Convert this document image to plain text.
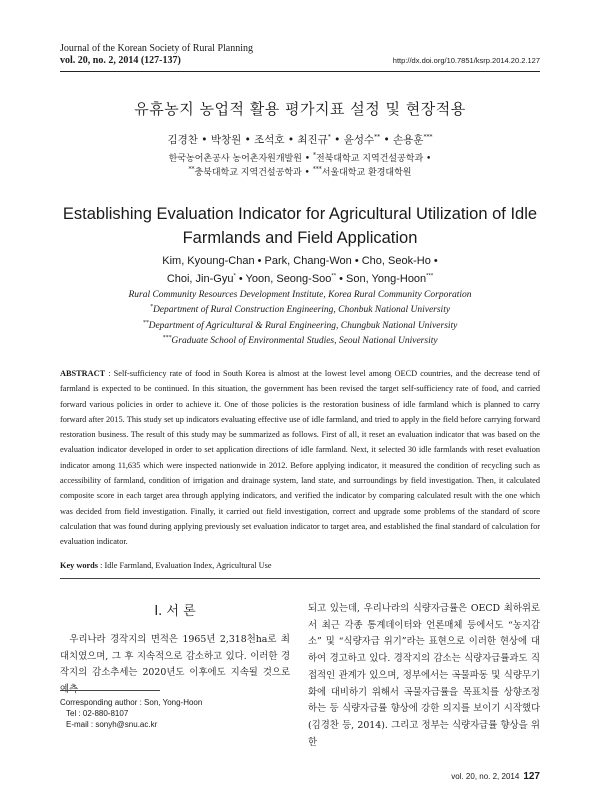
Journal of the Korean Society of Rural Planning
vol. 20, no. 2, 2014 (127-137)	http://dx.doi.org/10.7851/ksrp.2014.20.2.127
유휴농지 농업적 활용 평가지표 설정 및 현장적용
김경찬 • 박창원 • 조석호 • 최진규* • 윤성수** • 손용훈***
한국농어촌공사 농어촌자원개발원 • *전북대학교 지역건설공학과 •
**충북대학교 지역건설공학과 • ***서울대학교 환경대학원
Establishing Evaluation Indicator for Agricultural Utilization of Idle
Farmlands and Field Application
Kim, Kyoung-Chan • Park, Chang-Won • Cho, Seok-Ho •
Choi, Jin-Gyu* • Yoon, Seong-Soo** • Son, Yong-Hoon***
Rural Community Resources Development Institute, Korea Rural Community Corporation
*Department of Rural Construction Engineering, Chonbuk National University
**Department of Agricultural & Rural Engineering, Chungbuk National University
***Graduate School of Environmental Studies, Seoul National University
ABSTRACT : Self-sufficiency rate of food in South Korea is almost at the lowest level among OECD countries, and the decrease tend of farmland is expected to be continued. In this situation, the government has been revised the target self-sufficiency rate of food, and carried forward various policies in order to achieve it. One of those policies is the restoration business of idle farmland which is planned to carry forward after 2015. This study set up indicators evaluating effective use of idle farmland, and tried to apply in the field before carrying forward restoration business. The result of this study may be summarized as follows. First of all, it reset an evaluation indicator that was based on the evaluation indicator developed in order to set application directions of idle farmland. Next, it selected 30 idle farmlands with reset evaluation indicator among 11,635 which were inspected nationwide in 2012. Before applying indicator, it measured the condition of recycling such as accessibility of farmland, condition of irrigation and drainage system, land state, and surroundings by field investigation. Then, it calculated composite score in each target area through applying indicators, and verified the indicator by comparing calculated result with the one which was decided from field investigation. Finally, it carried out field investigation, correct and upgrade some problems of the standard of score calculation that was found during applying previously set evaluation indicator to target area, and established the final standard of calculation for evaluation indicator.
Key words : Idle Farmland, Evaluation Index, Agricultural Use
Ⅰ. 서 론
우리나라 경작지의 면적은 1965년 2,318천ha로 최대치였으며, 그 후 지속적으로 감소하고 있다. 이러한 경작지의 감소추세는 2020년도 이후에도 지속될 것으로 예측
되고 있는데, 우리나라의 식량자급률은 OECD 최하위로서 최근 각종 통계데이터와 언론매체 등에서도 “농지감소” 및 “식량자급 위기”라는 표현으로 이러한 현상에 대하여 경고하고 있다. 경작지의 감소는 식량자급률과도 직접적인 관계가 있으며, 정부에서는 곡물파동 및 식량무기화에 대비하기 위해서 곡물자급률을 목표치를 상향조정하는 등 식량자급률 향상에 강한 의지를 보이기 시작했다(김경찬 등, 2014). 그리고 정부는 식량자급률 향상을 위한
Corresponding author : Son, Yong-Hoon
Tel : 02-880-8107
E-mail : sonyh@snu.ac.kr
vol. 20, no. 2, 2014 127
